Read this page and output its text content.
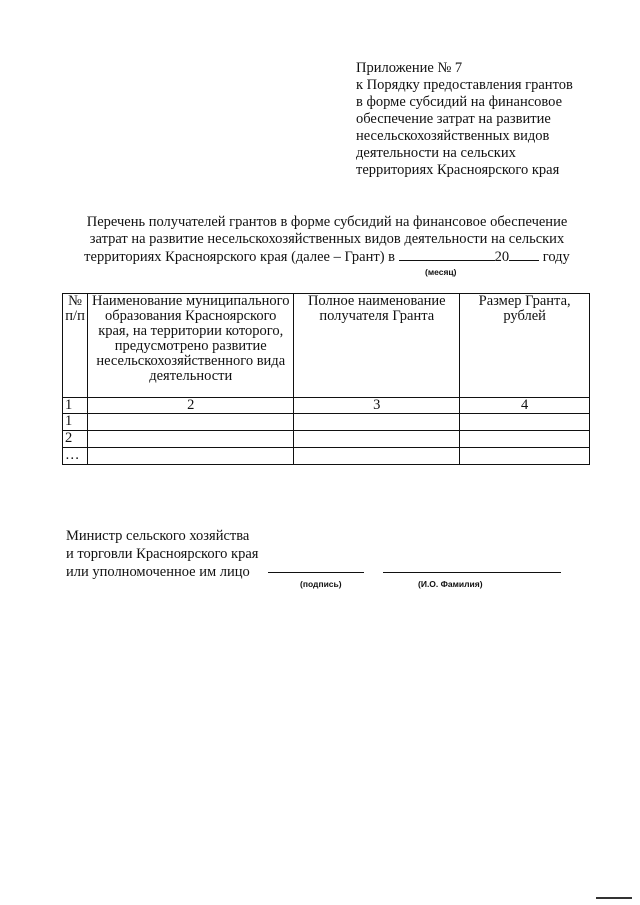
Приложение № 7
к Порядку предоставления грантов
в форме субсидий на финансовое
обеспечение затрат на развитие
несельскохозяйственных видов
деятельности на сельских
территориях Красноярского края
Перечень получателей грантов в форме субсидий на финансовое обеспечение
затрат на развитие несельскохозяйственных видов деятельности на сельских
территориях Красноярского края (далее – Грант) в	20 году
(месяц)
№ п/п	Наименование муниципального образования Красноярского края, на территории которого, предусмотрено развитие несельскохозяйственного вида деятельности	Полное наименование получателя Гранта	Размер Гранта, рублей
1	2	3	4
1			
2			
…			
Министр сельского хозяйства
и торговли Красноярского края
или уполномоченное им лицо
(подпись)	(И.О. Фамилия)
